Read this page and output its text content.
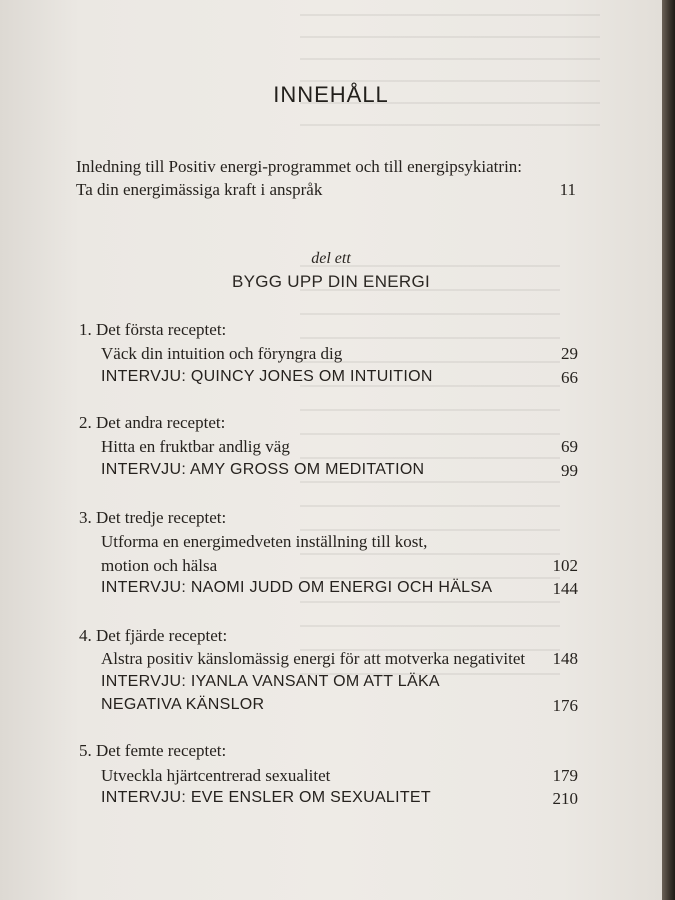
INNEHÅLL
Inledning till Positiv energi-programmet och till energipsykiatrin:
Ta din energimässiga kraft i anspråk	11
del ett
BYGG UPP DIN ENERGI
1. Det första receptet:
Väck din intuition och föryngra dig	29
INTERVJU: QUINCY JONES OM INTUITION	66
2. Det andra receptet:
Hitta en fruktbar andlig väg	69
INTERVJU: AMY GROSS OM MEDITATION	99
3. Det tredje receptet:
Utforma en energimedveten inställning till kost,
motion och hälsa	102
INTERVJU: NAOMI JUDD OM ENERGI OCH HÄLSA	144
4. Det fjärde receptet:
Alstra positiv känslomässig energi för att motverka negativitet	148
INTERVJU: IYANLA VANSANT OM ATT LÄKA
NEGATIVA KÄNSLOR	176
5. Det femte receptet:
Utveckla hjärtcentrerad sexualitet	179
INTERVJU: EVE ENSLER OM SEXUALITET	210
